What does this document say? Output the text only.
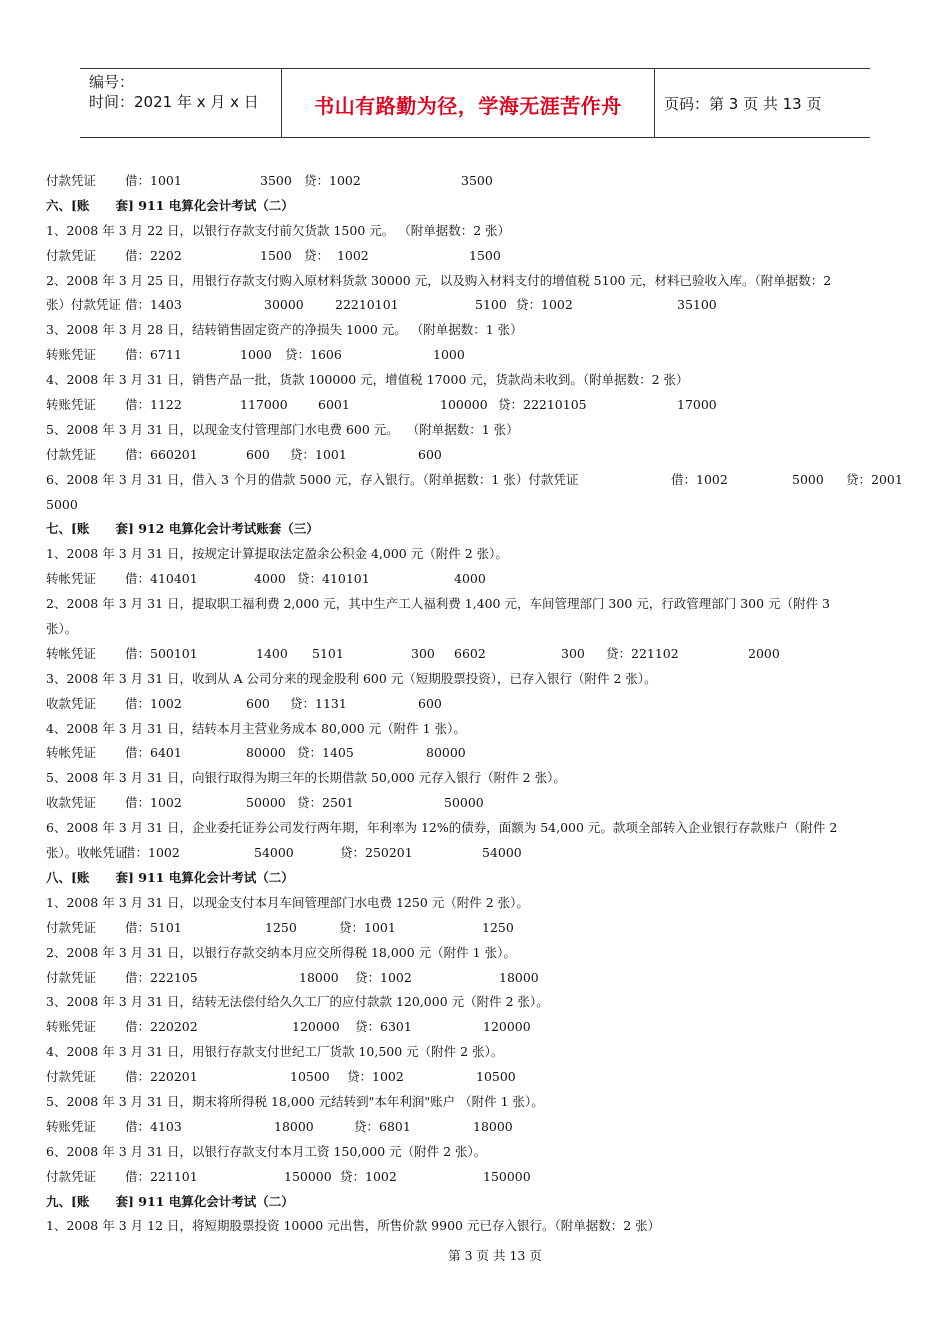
编号：
时间：2021 年 x 月 x 日	书山有路勤为径，学海无涯苦作舟	页码：第 3 页 共 13 页
付款凭证 借：1001	3500 贷：1002	3500
六、[账      套] 911 电算化会计考试（二）
1、2008 年 3 月 22 日，以银行存款支付前欠货款 1500 元。 （附单据数：2 张）
付款凭证 借：2202	1500 贷：  1002	1500
2、2008 年 3 月 25 日，用银行存款支付购入原材料货款 30000 元，以及购入材料支付的增值税 5100 元，材料已验收入库。（附单据数：2
张）付款凭证 借：1403	30000 22210101	5100 贷：1002	35100
3、2008 年 3 月 28 日，结转销售固定资产的净损失 1000 元。 （附单据数：1 张）
转账凭证 借：6711	1000 贷：1606	1000
4、2008 年 3 月 31 日，销售产品一批，货款 100000 元，增值税 17000 元，货款尚未收到。（附单据数：2 张）
转账凭证 借：1122	117000 6001	100000 贷：22210105	17000
5、2008 年 3 月 31 日，以现金支付管理部门水电费 600 元。  （附单据数：1 张）
付款凭证 借：660201	600 贷：1001	600
6、2008 年 3 月 31 日，借入 3 个月的借款 5000 元，存入银行。（附单据数：1 张）付款凭证	借：1002	5000 贷：2001
5000
七、[账      套] 912 电算化会计考试账套（三）
1、2008 年 3 月 31 日，按规定计算提取法定盈余公积金 4,000 元（附件 2 张）。
转帐凭证 借：410401	4000 贷：410101	4000
2、2008 年 3 月 31 日，提取职工福利费 2,000 元，其中生产工人福利费 1,400 元，车间管理部门 300 元，行政管理部门 300 元（附件 3
张）。
转帐凭证 借：500101	1400 5101	300 6602	300 贷：221102	2000
3、2008 年 3 月 31 日，收到从 A 公司分来的现金股利 600 元（短期股票投资），已存入银行（附件 2 张）。
收款凭证 借：1002	600 贷：1131	600
4、2008 年 3 月 31 日，结转本月主营业务成本 80,000 元（附件 1 张）。
转帐凭证 借：6401	80000 贷：1405	80000
5、2008 年 3 月 31 日，向银行取得为期三年的长期借款 50,000 元存入银行（附件 2 张）。
收款凭证 借：1002	50000 贷：2501	50000
6、2008 年 3 月 31 日，企业委托证券公司发行两年期，年利率为 12%的债券，面额为 54,000 元。款项全部转入企业银行存款账户（附件 2
张）。收帐凭证
借：1002	54000	贷：250201	54000
八、[账      套] 911 电算化会计考试（二）
1、2008 年 3 月 31 日，以现金支付本月车间管理部门水电费 1250 元（附件 2 张）。
付款凭证 借：5101	1250	贷：1001	1250
2、2008 年 3 月 31 日，以银行存款交纳本月应交所得税 18,000 元（附件 1 张）。
付款凭证 借：222105	18000 贷：1002	18000
3、2008 年 3 月 31 日，结转无法偿付给久久工厂的应付款款 120,000 元（附件 2 张）。
转账凭证 借：220202	120000 贷：6301	120000
4、2008 年 3 月 31 日，用银行存款支付世纪工厂货款 10,500 元（附件 2 张）。
付款凭证 借：220201	10500 贷：1002	10500
5、2008 年 3 月 31 日，期末将所得税 18,000 元结转到"本年利润"账户 （附件 1 张）。
转账凭证 借：4103	18000	贷：6801	18000
6、2008 年 3 月 31 日，以银行存款支付本月工资 150,000 元（附件 2 张）。
付款凭证 借：221101	150000 贷：1002	150000
九、[账      套] 911 电算化会计考试（二）
1、2008 年 3 月 12 日，将短期股票投资 10000 元出售，所售价款 9900 元已存入银行。（附单据数：2 张）
第 3 页 共 13 页
